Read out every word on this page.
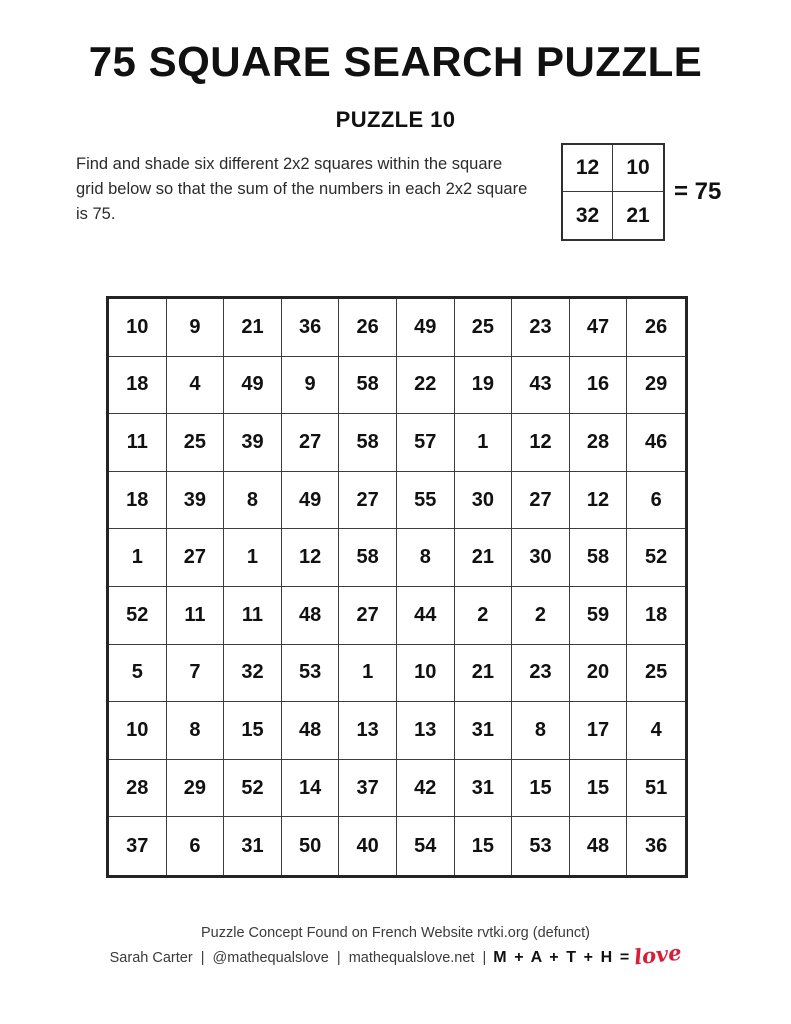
75 SQUARE SEARCH PUZZLE
PUZZLE 10
Find and shade six different 2x2 squares within the square grid below so that the sum of the numbers in each 2x2 square is 75.
12	10
32	21
= 75
10	9	21	36	26	49	25	23	47	26
18	4	49	9	58	22	19	43	16	29
11	25	39	27	58	57	1	12	28	46
18	39	8	49	27	55	30	27	12	6
1	27	1	12	58	8	21	30	58	52
52	11	11	48	27	44	2	2	59	18
5	7	32	53	1	10	21	23	20	25
10	8	15	48	13	13	31	8	17	4
28	29	52	14	37	42	31	15	15	51
37	6	31	50	40	54	15	53	48	36
Puzzle Concept Found on French Website rvtki.org (defunct)
Sarah Carter  |  @mathequalslove  |  mathequalslove.net  | M + A + T + H = love
